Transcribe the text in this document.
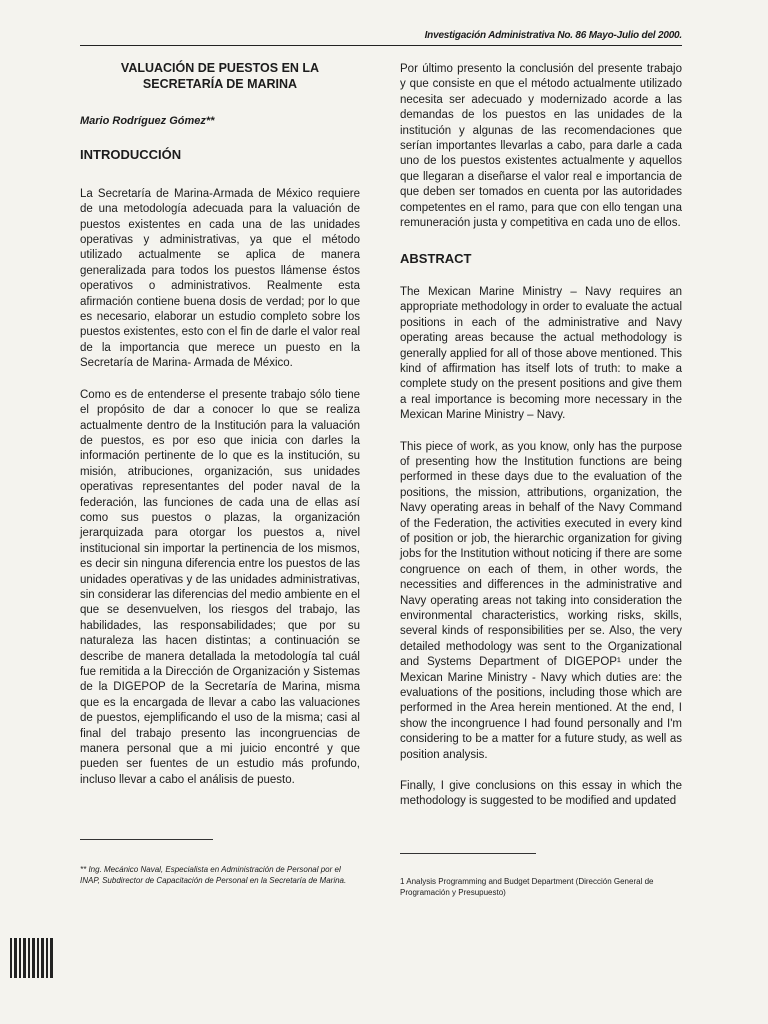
Investigación Administrativa No. 86 Mayo-Julio del 2000.
VALUACIÓN DE PUESTOS EN LA SECRETARÍA DE MARINA
Mario Rodríguez Gómez**
INTRODUCCIÓN

La Secretaría de Marina-Armada de México requiere de una metodología adecuada para la valuación de puestos existentes en cada una de las unidades operativas y administrativas, ya que el método utilizado actualmente se aplica de manera generalizada para todos los puestos llámense éstos operativos o administrativos. Realmente esta afirmación contiene buena dosis de verdad; por lo que es necesario, elaborar un estudio completo sobre los puestos existentes, esto con el fin de darle el valor real de la importancia que merece un puesto en la Secretaría de Marina- Armada de México.

Como es de entenderse el presente trabajo sólo tiene el propósito de dar a conocer lo que se realiza actualmente dentro de la Institución para la valuación de puestos, es por eso que inicia con darles la información pertinente de lo que es la institución, su misión, atribuciones, organización, sus unidades operativas representantes del poder naval de la federación, las funciones de cada una de ellas así como sus puestos o plazas, la organización jerarquizada para otorgar los puestos a, nivel institucional sin importar la pertinencia de los mismos, es decir sin ninguna diferencia entre los puestos de las unidades operativas y de las unidades administrativas, sin considerar las diferencias del medio ambiente en el que se desenvuelven, los riesgos del trabajo, las habilidades, las responsabilidades; que por su naturaleza las hacen distintas; a continuación se describe de manera detallada la metodología tal cuál fue remitida a la Dirección de Organización y Sistemas de la DIGEPOP de la Secretaría de Marina, misma que es la encargada de llevar a cabo las valuaciones de puestos, ejemplificando el uso de la misma; casi al final del trabajo presento las incongruencias de manera personal que a mi juicio encontré y que pueden ser fuentes de un estudio más profundo, incluso llevar a cabo el análisis de puesto.

Por último presento la conclusión del presente trabajo y que consiste en que el método actualmente utilizado necesita ser adecuado y modernizado acorde a las demandas de los puestos en las unidades de la institución y algunas de las recomendaciones que serían importantes llevarlas a cabo, para darle a cada uno de los puestos existentes actualmente y aquellos que llegaran a diseñarse el valor real e importancia de que deben ser tomados en cuenta por las autoridades competentes en el ramo, para que con ello tengan una remuneración justa y competitiva en cada uno de ellos.

ABSTRACT

The Mexican Marine Ministry – Navy requires an appropriate methodology in order to evaluate the actual positions in each of the administrative and Navy operating areas because the actual methodology is generally applied for all of those above mentioned. This kind of affirmation has itself lots of truth: to make a complete study on the present positions and give them a real importance is becoming more necessary in the Mexican Marine Ministry – Navy.

This piece of work, as you know, only has the purpose of presenting how the Institution functions are being performed in these days due to the evaluation of the positions, the mission, attributions, organization, the Navy operating areas in behalf of the Navy Command of the Federation, the activities executed in every kind of position or job, the hierarchic organization for giving jobs for the Institution without noticing if there are some congruence on each of them, in other words, the necessities and differences in the administrative and Navy operating areas not taking into consideration the environmental characteristics, working risks, skills, several kinds of responsibilities per se. Also, the very detailed methodology was sent to the Organizational and Systems Department of DIGEPOP¹ under the Mexican Marine Ministry - Navy which duties are: the evaluations of the positions, including those which are performed in the Area herein mentioned. At the end, I show the incongruence I had found personally and I'm considering to be a matter for a future study, as well as position analysis.

Finally, I give conclusions on this essay in which the methodology is suggested to be modified and updated

** Ing. Mecánico Naval, Especialista en Administración de Personal por el INAP, Subdirector de Capacitación de Personal en la Secretaría de Marina.	1 Analysis Programming and Budget Department (Dirección General de Programación y Presupuesto)
